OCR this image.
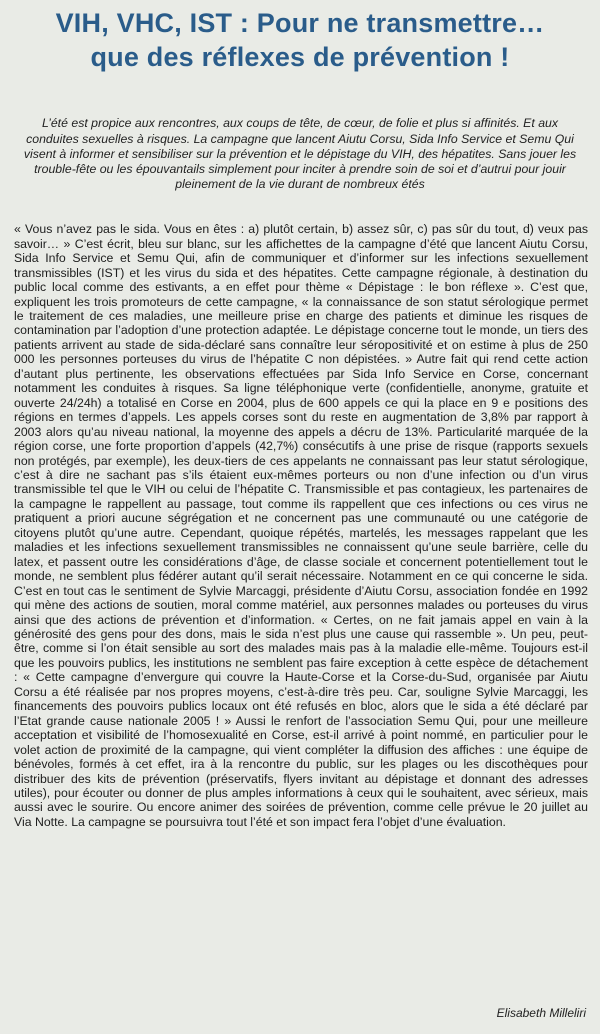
VIH, VHC, IST : Pour ne transmettre…
que des réflexes de prévention !

L’été est propice aux rencontres, aux coups de tête, de cœur, de folie et plus si affinités. Et aux conduites sexuelles à risques. La campagne que lancent Aiutu Corsu, Sida Info Service et Semu Qui visent à informer et sensibiliser sur la prévention et le dépistage du VIH, des hépatites. Sans jouer les trouble-fête ou les épouvantails simplement pour inciter à prendre soin de soi et d’autrui pour jouir pleinement de la vie durant de nombreux étés

« Vous n’avez pas le sida. Vous en êtes : a) plutôt certain, b) assez sûr, c) pas sûr du tout, d) veux pas savoir… » C’est écrit, bleu sur blanc, sur les affichettes de la campagne d’été que lancent Aiutu Corsu, Sida Info Service et Semu Qui, afin de communiquer et d’informer sur les infections sexuellement transmissibles (IST) et les virus du sida et des hépatites. Cette campagne régionale, à destination du public local comme des estivants, a en effet pour thème « Dépistage : le bon réflexe ». C’est que, expliquent les trois promoteurs de cette campagne, « la connaissance de son statut sérologique permet le traitement de ces maladies, une meilleure prise en charge des patients et diminue les risques de contamination par l’adoption d’une protection adaptée. Le dépistage concerne tout le monde, un tiers des patients arrivent au stade de sida-déclaré sans connaître leur séropositivité et on estime à plus de 250 000 les personnes porteuses du virus de l’hépatite C non dépistées. » Autre fait qui rend cette action d’autant plus pertinente, les observations effectuées par Sida Info Service en Corse, concernant notamment les conduites à risques. Sa ligne téléphonique verte (confidentielle, anonyme, gratuite et ouverte 24/24h) a totalisé en Corse en 2004, plus de 600 appels ce qui la place en 9 e positions des régions en termes d’appels. Les appels corses sont du reste en augmentation de 3,8% par rapport à 2003 alors qu’au niveau national, la moyenne des appels a décru de 13%. Particularité marquée de la région corse, une forte proportion d’appels (42,7%) consécutifs à une prise de risque (rapports sexuels non protégés, par exemple), les deux-tiers de ces appelants ne connaissant pas leur statut sérologique, c’est à dire ne sachant pas s’ils étaient eux-mêmes porteurs ou non d’une infection ou d’un virus transmissible tel que le VIH ou celui de l’hépatite C. Transmissible et pas contagieux, les partenaires de la campagne le rappellent au passage, tout comme ils rappellent que ces infections ou ces virus ne pratiquent a priori aucune ségrégation et ne concernent pas une communauté ou une catégorie de citoyens plutôt qu’une autre. Cependant, quoique répétés, martelés, les messages rappelant que les maladies et les infections sexuellement transmissibles ne connaissent qu’une seule barrière, celle du latex, et passent outre les considérations d’âge, de classe sociale et concernent potentiellement tout le monde, ne semblent plus fédérer autant qu’il serait nécessaire. Notamment en ce qui concerne le sida. C’est en tout cas le sentiment de Sylvie Marcaggi, présidente d’Aiutu Corsu, association fondée en 1992 qui mène des actions de soutien, moral comme matériel, aux personnes malades ou porteuses du virus ainsi que des actions de prévention et d’information. « Certes, on ne fait jamais appel en vain à la générosité des gens pour des dons, mais le sida n’est plus une cause qui rassemble ». Un peu, peut-être, comme si l’on était sensible au sort des malades mais pas à la maladie elle-même. Toujours est-il que les pouvoirs publics, les institutions ne semblent pas faire exception à cette espèce de détachement : « Cette campagne d’envergure qui couvre la Haute-Corse et la Corse-du-Sud, organisée par Aiutu Corsu a été réalisée par nos propres moyens, c’est-à-dire très peu. Car, souligne Sylvie Marcaggi, les financements des pouvoirs publics locaux ont été refusés en bloc, alors que le sida a été déclaré par l’Etat grande cause nationale 2005 ! » Aussi le renfort de l’association Semu Qui, pour une meilleure acceptation et visibilité de l’homosexualité en Corse, est-il arrivé à point nommé, en particulier pour le volet action de proximité de la campagne, qui vient compléter la diffusion des affiches : une équipe de bénévoles, formés à cet effet, ira à la rencontre du public, sur les plages ou les discothèques pour distribuer des kits de prévention (préservatifs, flyers invitant au dépistage et donnant des adresses utiles), pour écouter ou donner de plus amples informations à ceux qui le souhaitent, avec sérieux, mais aussi avec le sourire. Ou encore animer des soirées de prévention, comme celle prévue le 20 juillet au Via Notte. La campagne se poursuivra tout l’été et son impact fera l’objet d’une évaluation.

Elisabeth Milleliri
